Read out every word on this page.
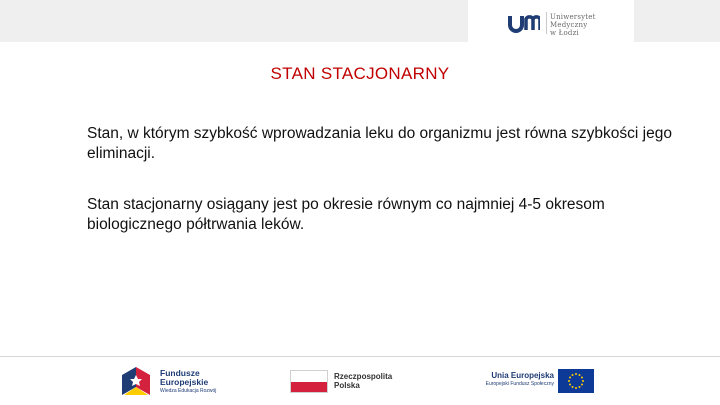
Uniwersytet
Medyczny
w Łodzi
STAN STACJONARNY
Stan, w którym szybkość wprowadzania leku do organizmu jest równa szybkości jego eliminacji.
Stan stacjonarny osiągany jest po okresie równym co najmniej 4-5 okresom biologicznego półtrwania leków.
Fundusze
Europejskie
Wiedza Edukacja Rozwój
Rzeczpospolita
Polska
Unia Europejska
Europejski Fundusz Społeczny
